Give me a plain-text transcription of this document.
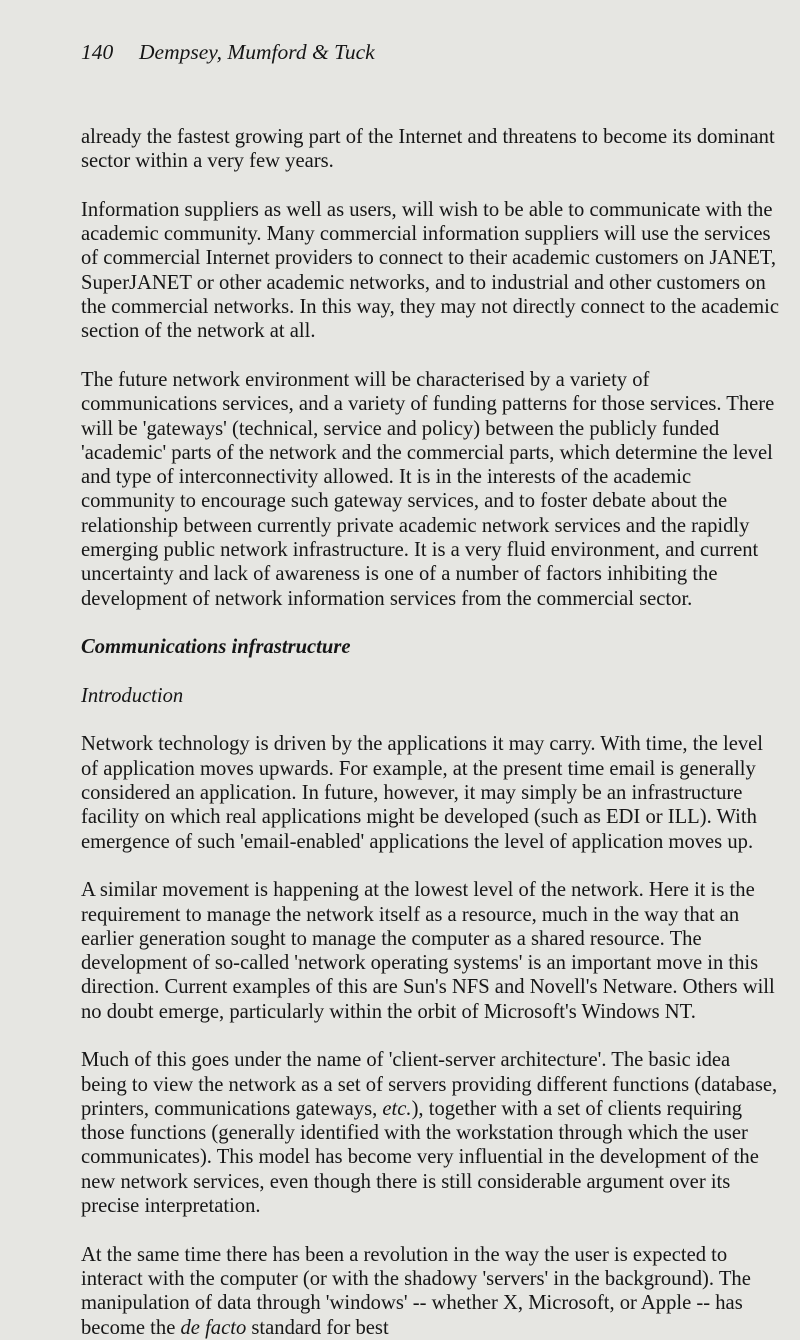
140 Dempsey, Mumford & Tuck

already the fastest growing part of the Internet and threatens to become its dominant sector within a very few years.

Information suppliers as well as users, will wish to be able to communicate with the academic community. Many commercial information suppliers will use the services of commercial Internet providers to connect to their academic customers on JANET, SuperJANET or other academic networks, and to industrial and other customers on the commercial networks. In this way, they may not directly connect to the academic section of the network at all.

The future network environment will be characterised by a variety of communications services, and a variety of funding patterns for those services. There will be 'gateways' (technical, service and policy) between the publicly funded 'academic' parts of the network and the commercial parts, which determine the level and type of interconnectivity allowed. It is in the interests of the academic community to encourage such gateway services, and to foster debate about the relationship between currently private academic network services and the rapidly emerging public network infrastructure. It is a very fluid environment, and current uncertainty and lack of awareness is one of a number of factors inhibiting the development of network information services from the commercial sector.

Communications infrastructure
Introduction

Network technology is driven by the applications it may carry. With time, the level of application moves upwards. For example, at the present time email is generally considered an application. In future, however, it may simply be an infrastructure facility on which real applications might be developed (such as EDI or ILL). With emergence of such 'email-enabled' applications the level of application moves up.

A similar movement is happening at the lowest level of the network. Here it is the requirement to manage the network itself as a resource, much in the way that an earlier generation sought to manage the computer as a shared resource. The development of so-called 'network operating systems' is an important move in this direction. Current examples of this are Sun's NFS and Novell's Netware. Others will no doubt emerge, particularly within the orbit of Microsoft's Windows NT.

Much of this goes under the name of 'client-server architecture'. The basic idea being to view the network as a set of servers providing different functions (database, printers, communications gateways, etc.), together with a set of clients requiring those functions (generally identified with the workstation through which the user communicates). This model has become very influential in the development of the new network services, even though there is still considerable argument over its precise interpretation.

At the same time there has been a revolution in the way the user is expected to interact with the computer (or with the shadowy 'servers' in the background). The manipulation of data through 'windows' -- whether X, Microsoft, or Apple -- has become the de facto standard for best
